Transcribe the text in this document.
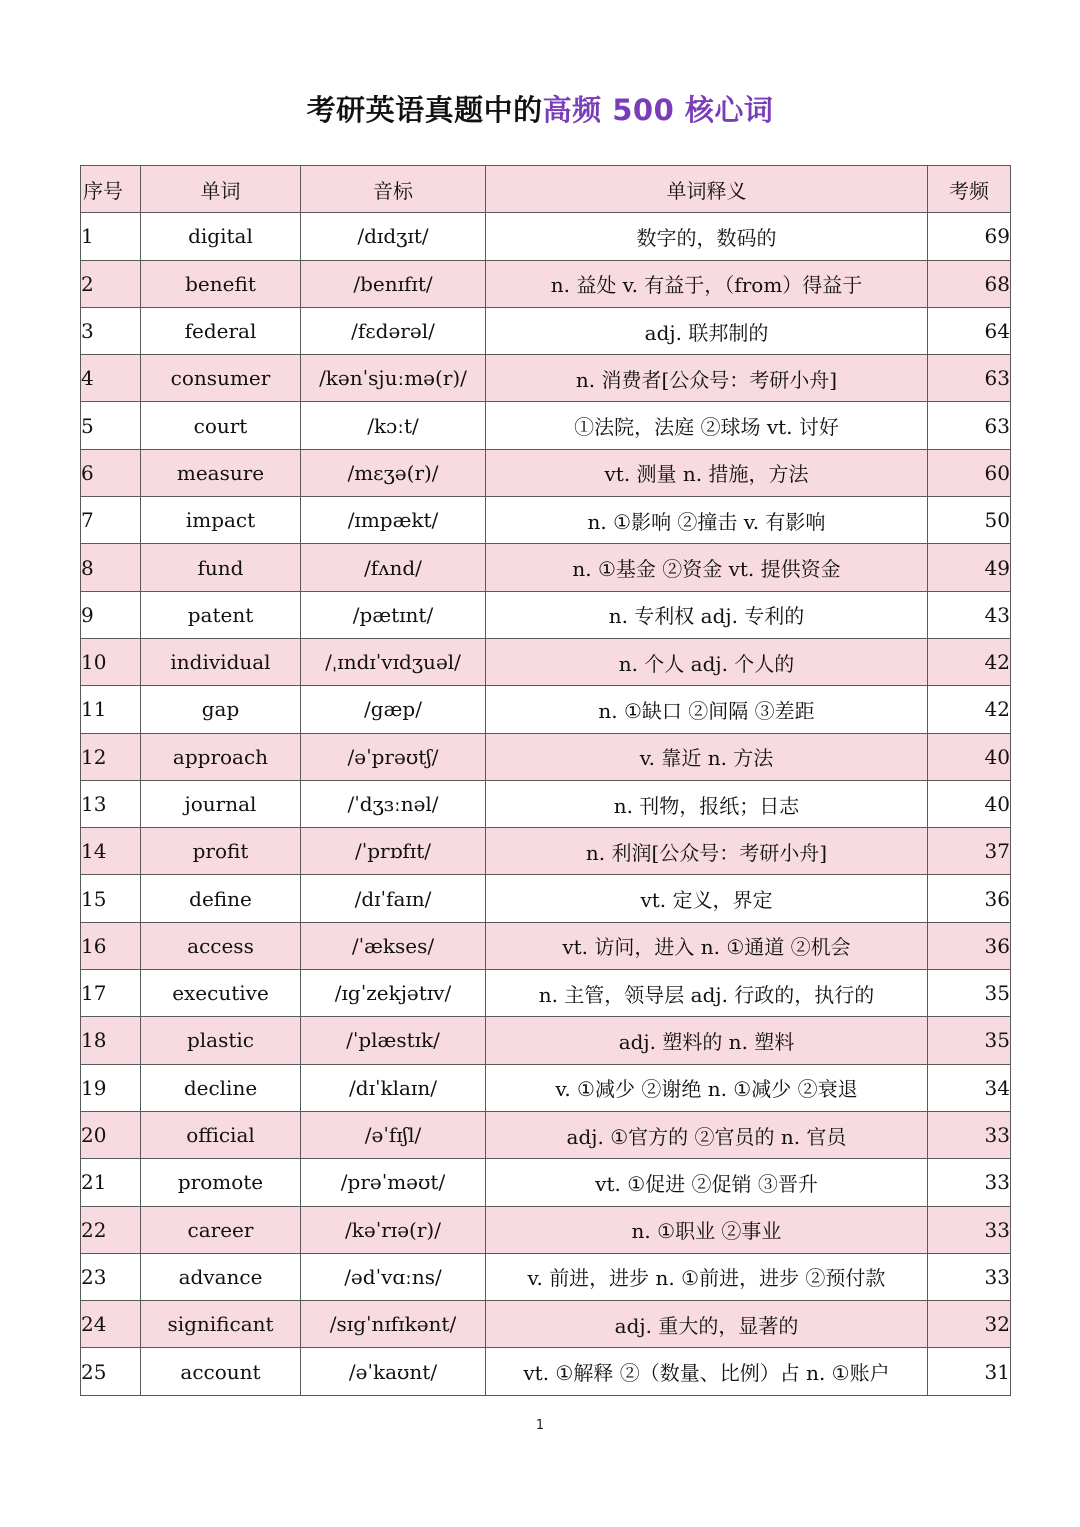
考研英语真题中的高频 500 核心词
序号	单词	音标	单词释义	考频
1	digital	/dɪdʒɪt/	数字的，数码的	69
2	benefit	/benɪfɪt/	n. 益处 v. 有益于，（from）得益于	68
3	federal	/fɛdərəl/	adj. 联邦制的	64
4	consumer	/kənˈsjuːmə(r)/	n. 消费者[公众号：考研小舟]	63
5	court	/kɔːt/	①法院，法庭 ②球场 vt. 讨好	63
6	measure	/mɛʒə(r)/	vt. 测量 n. 措施，方法	60
7	impact	/ɪmpækt/	n. ①影响 ②撞击 v. 有影响	50
8	fund	/fʌnd/	n. ①基金 ②资金 vt. 提供资金	49
9	patent	/pætɪnt/	n. 专利权 adj. 专利的	43
10	individual	/ˌɪndɪˈvɪdʒuəl/	n. 个人 adj. 个人的	42
11	gap	/gæp/	n. ①缺口 ②间隔 ③差距	42
12	approach	/əˈprəʊtʃ/	v. 靠近 n. 方法	40
13	journal	/ˈdʒɜːnəl/	n. 刊物，报纸；日志	40
14	profit	/ˈprɒfɪt/	n. 利润[公众号：考研小舟]	37
15	define	/dɪˈfaɪn/	vt. 定义，界定	36
16	access	/ˈækses/	vt. 访问，进入 n. ①通道 ②机会	36
17	executive	/ɪgˈzekjətɪv/	n. 主管，领导层 adj. 行政的，执行的	35
18	plastic	/ˈplæstɪk/	adj. 塑料的 n. 塑料	35
19	decline	/dɪˈklaɪn/	v. ①减少 ②谢绝 n. ①减少 ②衰退	34
20	official	/əˈfɪʃl/	adj. ①官方的 ②官员的 n. 官员	33
21	promote	/prəˈməʊt/	vt. ①促进 ②促销 ③晋升	33
22	career	/kəˈrɪə(r)/	n. ①职业 ②事业	33
23	advance	/ədˈvɑːns/	v. 前进，进步 n. ①前进，进步 ②预付款	33
24	significant	/sɪgˈnɪfɪkənt/	adj. 重大的，显著的	32
25	account	/əˈkaʊnt/	vt. ①解释 ②（数量、比例）占 n. ①账户	31
1
